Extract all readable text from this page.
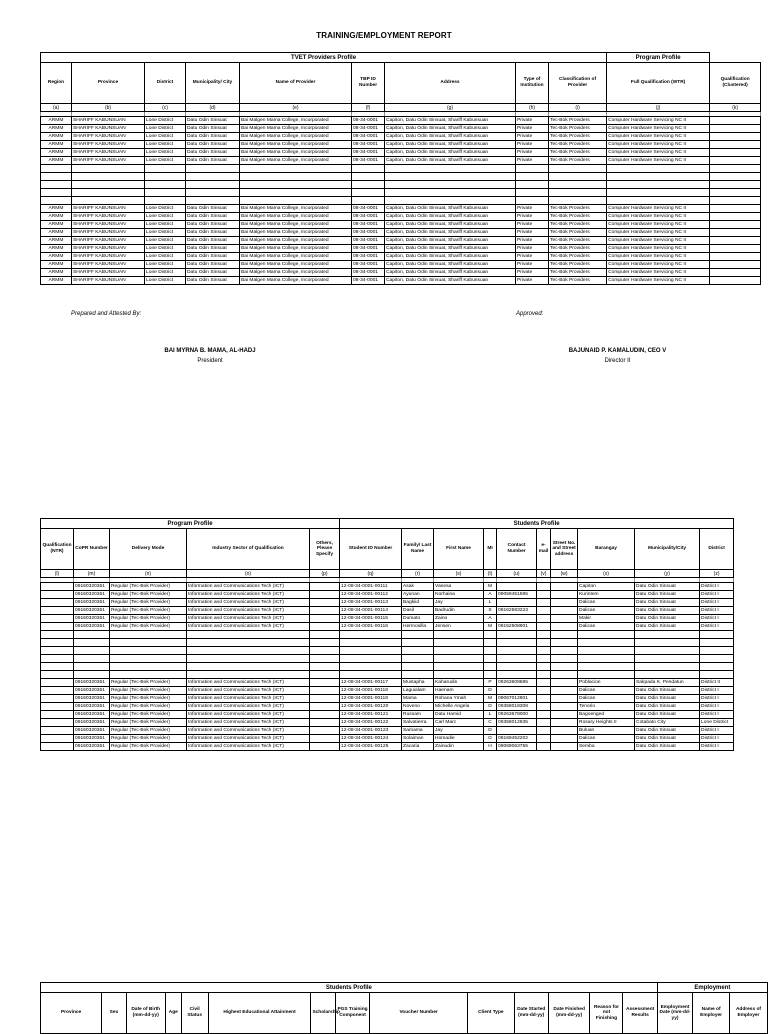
TRAINING/EMPLOYMENT REPORT
TVET Providers Profile									Program Profile	
Region	Province	District	Municipality/ City	Name of Provider	TBP ID Number	Address	Type of Institution	Classification of Provider	Full Qualification (WTR)	Qualification (Clustered)
(a)	(b)	(c)	(d)	(e)	(f)	(g)	(h)	(i)	(j)	(k)

ARMM	SHARIFF KABUNSUAN	Lone District	Datu Odin Sinsuat	Bai Malgen Mama College, Incorporated	08-34-0001	Capiton, Datu Odin Sinsuat, Shariff Kabunsuan	Private	Tec-Bok Providers	Computer Hardware Servicing NC II	
ARMM	SHARIFF KABUNSUAN	Lone District	Datu Odin Sinsuat	Bai Malgen Mama College, Incorporated	08-34-0001	Capiton, Datu Odin Sinsuat, Shariff Kabunsuan	Private	Tec-Bok Providers	Computer Hardware Servicing NC II	
ARMM	SHARIFF KABUNSUAN	Lone District	Datu Odin Sinsuat	Bai Malgen Mama College, Incorporated	08-34-0001	Capiton, Datu Odin Sinsuat, Shariff Kabunsuan	Private	Tec-Bok Providers	Computer Hardware Servicing NC II	
ARMM	SHARIFF KABUNSUAN	Lone District	Datu Odin Sinsuat	Bai Malgen Mama College, Incorporated	08-34-0001	Capiton, Datu Odin Sinsuat, Shariff Kabunsuan	Private	Tec-Bok Providers	Computer Hardware Servicing NC II	
ARMM	SHARIFF KABUNSUAN	Lone District	Datu Odin Sinsuat	Bai Malgen Mama College, Incorporated	08-34-0001	Capiton, Datu Odin Sinsuat, Shariff Kabunsuan	Private	Tec-Bok Providers	Computer Hardware Servicing NC II	
ARMM	SHARIFF KABUNSUAN	Lone District	Datu Odin Sinsuat	Bai Malgen Mama College, Incorporated	08-34-0001	Capiton, Datu Odin Sinsuat, Shariff Kabunsuan	Private	Tec-Bok Providers	Computer Hardware Servicing NC II	

ARMM	SHARIFF KABUNSUAN	Lone District	Datu Odin Sinsuat	Bai Malgen Mama College, Incorporated	08-34-0001	Capiton, Datu Odin Sinsuat, Shariff Kabunsuan	Private	Tec-Bok Providers	Computer Hardware Servicing NC II	
ARMM	SHARIFF KABUNSUAN	Lone District	Datu Odin Sinsuat	Bai Malgen Mama College, Incorporated	08-34-0001	Capiton, Datu Odin Sinsuat, Shariff Kabunsuan	Private	Tec-Bok Providers	Computer Hardware Servicing NC II	
ARMM	SHARIFF KABUNSUAN	Lone District	Datu Odin Sinsuat	Bai Malgen Mama College, Incorporated	08-34-0001	Capiton, Datu Odin Sinsuat, Shariff Kabunsuan	Private	Tec-Bok Providers	Computer Hardware Servicing NC II	
ARMM	SHARIFF KABUNSUAN	Lone District	Datu Odin Sinsuat	Bai Malgen Mama College, Incorporated	08-34-0001	Capiton, Datu Odin Sinsuat, Shariff Kabunsuan	Private	Tec-Bok Providers	Computer Hardware Servicing NC II	
ARMM	SHARIFF KABUNSUAN	Lone District	Datu Odin Sinsuat	Bai Malgen Mama College, Incorporated	08-34-0001	Capiton, Datu Odin Sinsuat, Shariff Kabunsuan	Private	Tec-Bok Providers	Computer Hardware Servicing NC II	
ARMM	SHARIFF KABUNSUAN	Lone District	Datu Odin Sinsuat	Bai Malgen Mama College, Incorporated	08-34-0001	Capiton, Datu Odin Sinsuat, Shariff Kabunsuan	Private	Tec-Bok Providers	Computer Hardware Servicing NC II	
ARMM	SHARIFF KABUNSUAN	Lone District	Datu Odin Sinsuat	Bai Malgen Mama College, Incorporated	08-34-0001	Capiton, Datu Odin Sinsuat, Shariff Kabunsuan	Private	Tec-Bok Providers	Computer Hardware Servicing NC II	
ARMM	SHARIFF KABUNSUAN	Lone District	Datu Odin Sinsuat	Bai Malgen Mama College, Incorporated	08-34-0001	Capiton, Datu Odin Sinsuat, Shariff Kabunsuan	Private	Tec-Bok Providers	Computer Hardware Servicing NC II	
ARMM	SHARIFF KABUNSUAN	Lone District	Datu Odin Sinsuat	Bai Malgen Mama College, Incorporated	08-34-0001	Capiton, Datu Odin Sinsuat, Shariff Kabunsuan	Private	Tec-Bok Providers	Computer Hardware Servicing NC II	
ARMM	SHARIFF KABUNSUAN	Lone District	Datu Odin Sinsuat	Bai Malgen Mama College, Incorporated	08-34-0001	Capiton, Datu Odin Sinsuat, Shariff Kabunsuan	Private	Tec-Bok Providers	Computer Hardware Servicing NC II	
Prepared and Attested By:	Approved:
BAI MYRNA B. MAMA, AL-HADJ
President
BAJUNAID P. KAMALUDIN, CEO V
Director II
Program Profile					Students Profile									
Qualification (NTR)	CoPR Number	Delivery Mode	Industry Sector of Qualification	Others, Please Specify	Student ID Number	Family/ Last Name	First Name	MI	Contact Number	e-mail	Street No. and Street address	Barangay	Municipality/City	District
(l)	(m)	(n)	(o)	(p)	(q)	(r)	(s)	(t)	(u)	(v)	(w)	(x)	(y)	(z)

	09160320361	Regular (Tec-Bok Provider)	Information and Communications Tech (ICT)		12-08-34-0001-00111	Asak	Vanesa	M				Capiton	Datu Odin Sinsuat	District I
	09160320361	Regular (Tec-Bok Provider)	Information and Communications Tech (ICT)		12-08-34-0001-00112	Ayunan	Norhaina	A	09059451595			Kurintem	Datu Odin Sinsuat	District I
	09160320361	Regular (Tec-Bok Provider)	Information and Communications Tech (ICT)		12-08-34-0001-00113	Bagkiid	Jay	L				Dalican	Datu Odin Sinsuat	District I
	09160320361	Regular (Tec-Bok Provider)	Information and Communications Tech (ICT)		12-08-34-0001-00114	Dasil	Badrudin	S	09162583223			Dalican	Datu Odin Sinsuat	District I
	09160320361	Regular (Tec-Bok Provider)	Information and Communications Tech (ICT)		12-08-34-0001-00115	Dumato	Zaino	A				Makir	Datu Odin Sinsuat	District I
	09160320361	Regular (Tec-Bok Provider)	Information and Communications Tech (ICT)		12-08-34-0001-00116	Hermosilla	Jensen	M	09152508901			Dalican	Datu Odin Sinsuat	District I

	09160320361	Regular (Tec-Bok Provider)	Information and Communications Tech (ICT)		12-08-34-0001-00117	Mustapha	Kaharudin	P	09263608685			Poblacion	Sakpada K. Pendatun	District II
	09160320361	Regular (Tec-Bok Provider)	Information and Communications Tech (ICT)		12-08-34-0001-00118	Laguialam	Haenam	D				Dalican	Datu Odin Sinsuat	District I
	09160320361	Regular (Tec-Bok Provider)	Information and Communications Tech (ICT)		12-08-34-0001-00119	Mama	Rohana Ymah	M	09067012801			Dalican	Datu Odin Sinsuat	District I
	09160320361	Regular (Tec-Bok Provider)	Information and Communications Tech (ICT)		12-08-34-0001-00120	Noveno	Michelle Angela	D	09358018308			Tenorio	Datu Odin Sinsuat	District I
	09160320361	Regular (Tec-Bok Provider)	Information and Communications Tech (ICT)		12-08-34-0001-00121	Russam	Datu Hamid	L	09263678000			Bagoenged	Datu Odin Sinsuat	District I
	09160320361	Regular (Tec-Bok Provider)	Information and Communications Tech (ICT)		12-08-34-0001-00122	Salvatierra	Carl Marc	C	09358012935			Rosary Heights II	Cotabato City	Lone District
	09160320361	Regular (Tec-Bok Provider)	Information and Communications Tech (ICT)		12-08-34-0001-00123	Samama	Jay	D				Buluan	Datu Odin Sinsuat	District I
	09160320361	Regular (Tec-Bok Provider)	Information and Communications Tech (ICT)		12-08-34-0001-00124	Solaiman	Homadie	G	09169452202			Dalican	Datu Odin Sinsuat	District I
	09160320361	Regular (Tec-Bok Provider)	Information and Communications Tech (ICT)		12-08-34-0001-00125	Zacaria	Zainudin	H	09069063755			Semba	Datu Odin Sinsuat	District I
Students Profile														Employment		
Province	Sex	Date of Birth (mm-dd-yy)	Age	Civil Status	Highest Educational Attainment	Scholarship	PGS Training Component	Voucher Number	Client Type	Date Started (mm-dd-yy)	Date Finished (mm-dd-yy)	Reason for not Finishing	Assessment Results	Employment Date (mm-dd-yy)	Name of Employer	Address of Employer
